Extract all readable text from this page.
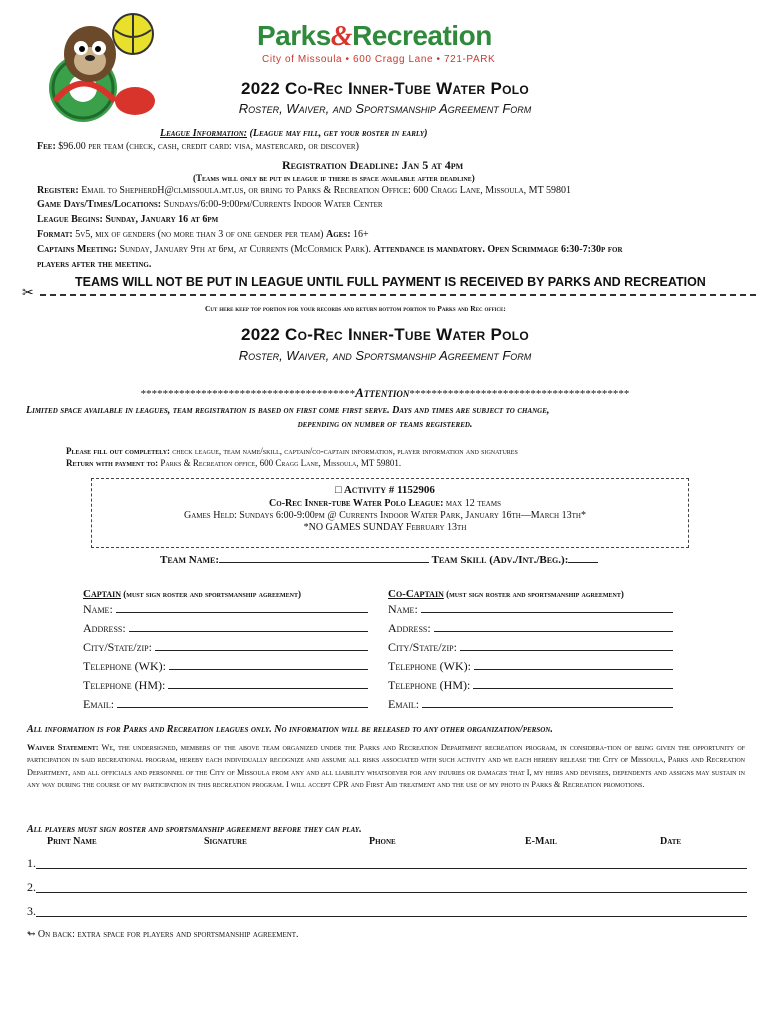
Parks&Recreation
City of Missoula • 600 Cragg Lane • 721-PARK
2022 Co-Rec Inner-Tube Water Polo
Roster, Waiver, and Sportsmanship Agreement Form
League Information: (League may fill, get your roster in early)
Fee: $96.00 per team (check, cash, credit card: visa, mastercard, or discover)
Registration Deadline: Jan 5 at 4pm
(Teams will only be put in league if there is space available after deadline)
Register: Email to ShepherdH@ci.missoula.mt.us, or bring to Parks & Recreation Office: 600 Cragg Lane, Missoula, MT 59801
Game Days/Times/Locations: Sundays/6:00-9:00pm/Currents Indoor Water Center
League Begins: Sunday, January 16 at 6pm
Format: 5v5, mix of genders (no more than 3 of one gender per team) Ages: 16+
Captains Meeting: Sunday, January 9th at 6pm, at Currents (McCormick Park). Attendance is mandatory. Open Scrimmage 6:30-7:30p for
players after the meeting.
TEAMS WILL NOT BE PUT IN LEAGUE UNTIL FULL PAYMENT IS RECEIVED BY PARKS AND RECREATION
✂
Cut here keep top portion for your records and return bottom portion to Parks and Rec office:
2022 Co-Rec Inner-Tube Water Polo
Roster, Waiver, and Sportsmanship Agreement Form
***************************************Attention****************************************
Limited space available in leagues, team registration is based on first come first serve. Days and times are subject to change,
depending on number of teams registered.
Please fill out completely: check league, team name/skill, captain/co-captain information, player information and signatures
Return with payment to: Parks & Recreation office, 600 Cragg Lane, Missoula, MT 59801.
□ Activity # 1152906
Co-Rec Inner-tube Water Polo League: max 12 teams
Games Held: Sundays 6:00-9:00pm @ Currents Indoor Water Park, January 16th—March 13th*
*NO GAMES SUNDAY February 13th
Team Name:	Team Skill (Adv./Int./Beg.):
Captain (must sign roster and sportsmanship agreement)
Name:
Address:
City/State/zip:
Telephone (WK):
Telephone (HM):
Email:
Co-Captain (must sign roster and sportsmanship agreement)
Name:
Address:
City/State/zip:
Telephone (WK):
Telephone (HM):
Email:
All information is for Parks and Recreation leagues only. No information will be released to any other organization/person.
Waiver Statement: We, the undersigned, members of the above team organized under the Parks and Recreation Department recreation program, in considera-tion of being given the opportunity of participation in said recreational program, hereby each individually recognize and assume all risks associated with such activity and we each hereby release the City of Missoula, Parks and Recreation Department, and all officials and personnel of the City of Missoula from any and all liability whatsoever for any injuries or damages that I, my heirs and devisees, dependents and assigns may sustain in any way during the course of my participation in this recreation program. I will accept CPR and First Aid treatment and the use of my photo in Parks & Recreation promotions.
All players must sign roster and sportsmanship agreement before they can play.
Print Name	Signature	Phone	E-Mail	Date
1.
2.
3.
↬ On back: extra space for players and sportsmanship agreement.
